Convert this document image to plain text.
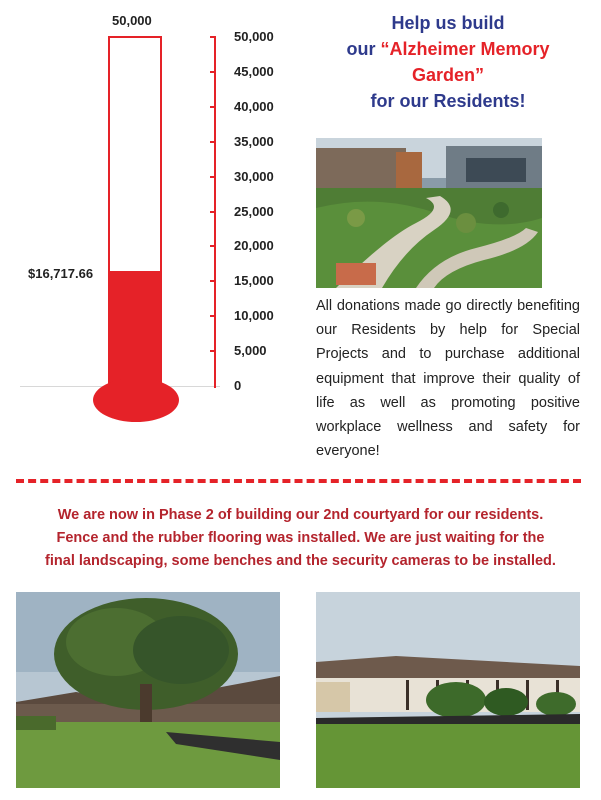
50,000
$16,717.66
50,000
45,000
40,000
35,000
30,000
25,000
20,000
15,000
10,000
5,000
0
Help us build
our “Alzheimer Memory
Garden”
for our Residents!
All donations made go directly benefiting our Residents by help for Special Projects and to purchase additional equipment that improve their quality of life as well as promoting positive workplace wellness and safety for everyone!
We are now in Phase 2 of building our 2nd courtyard for our residents.
Fence and the rubber flooring was installed. We are just waiting for the
final landscaping, some benches and the security cameras to be installed.
